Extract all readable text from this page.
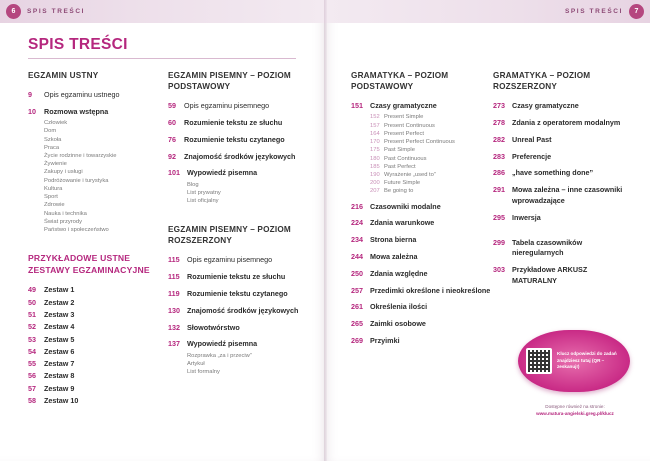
6	SPIS TREŚCI
SPIS TREŚCI
EGZAMIN USTNY
9	Opis egzaminu ustnego
10	Rozmowa wstępna
Człowiek
Dom
Szkoła
Praca
Życie rodzinne i towarzyskie
Żywienie
Zakupy i usługi
Podróżowanie i turystyka
Kultura
Sport
Zdrowie
Nauka i technika
Świat przyrody
Państwo i społeczeństwo
PRZYKŁADOWE USTNE ZESTAWY EGZAMINACYJNE
49	Zestaw 1
50	Zestaw 2
51	Zestaw 3
52	Zestaw 4
53	Zestaw 5
54	Zestaw 6
55	Zestaw 7
56	Zestaw 8
57	Zestaw 9
58	Zestaw 10
EGZAMIN PISEMNY – POZIOM PODSTAWOWY
59	Opis egzaminu pisemnego
60	Rozumienie tekstu ze słuchu
76	Rozumienie tekstu czytanego
92	Znajomość środków językowych
101 Wypowiedź pisemna
Blog
List prywatny
List oficjalny
EGZAMIN PISEMNY – POZIOM ROZSZERZONY
115	Opis egzaminu pisemnego
115	Rozumienie tekstu ze słuchu
119	Rozumienie tekstu czytanego
130 Znajomość środków językowych
132 Słowotwórstwo
137 Wypowiedź pisemna
Rozprawka „za i przeciw”
Artykuł
List formalny
SPIS TREŚCI	7
GRAMATYKA – POZIOM PODSTAWOWY
151 Czasy gramatyczne
152 Present Simple
157 Present Continuous
164 Present Perfect
170 Present Perfect Continuous
175 Past Simple
180 Past Continuous
185 Past Perfect
190 Wyrażenie „used to”
200 Future Simple
207 Be going to
216 Czasowniki modalne
224 Zdania warunkowe
234 Strona bierna
244 Mowa zależna
250 Zdania względne
257 Przedimki określone i nieokreślone
261 Określenia ilości
265 Zaimki osobowe
269 Przyimki
GRAMATYKA – POZIOM ROZSZERZONY
273 Czasy gramatyczne
278 Zdania z operatorem modalnym
282 Unreal Past
283 Preferencje
286 „have something done”
291 Mowa zależna – inne czasowniki wprowadzające
295 Inwersja
299 Tabela czasowników nieregularnych
303 Przykładowe ARKUSZ MATURALNY
Klucz odpowiedzi do zadań znajdziesz tutaj (QR – zeskanuj!)
Dostępne również na stronie:
www.matura-angielski.greg.pl/klucz
